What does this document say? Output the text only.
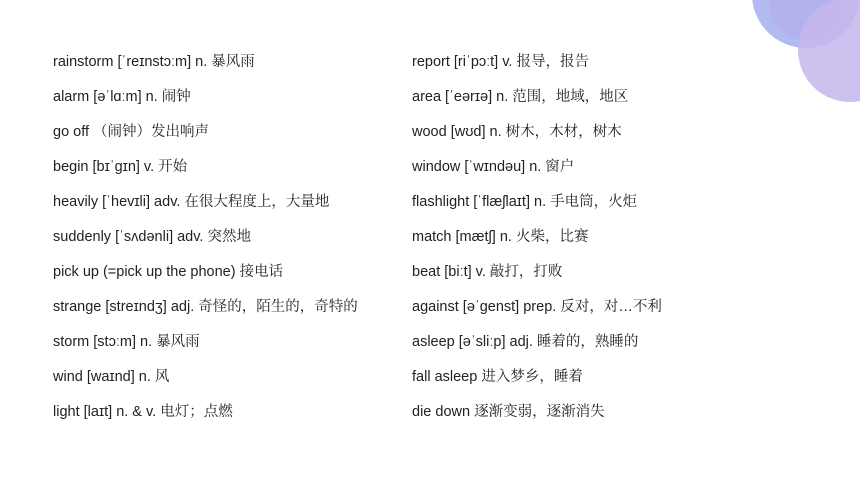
rainstorm [ˈreɪnstɔːm] n. 暴风雨
alarm [əˈlɑːm] n. 闹钟
go off （闹钟）发出响声
begin [bɪˈɡɪn] v. 开始
heavily [ˈhevɪli] adv. 在很大程度上，大量地
suddenly [ˈsʌdənli] adv. 突然地
pick up (=pick up the phone) 接电话
strange [streɪndʒ] adj. 奇怪的，陌生的，奇特的
storm [stɔːm] n. 暴风雨
wind [waɪnd] n. 风
light [laɪt] n. & v. 电灯；点燃
report [riˈpɔːt] v. 报导，报告
area [ˈeərɪə] n. 范围，地域，地区
wood [wʊd] n. 树木，木材，树木
window [ˈwɪndəu] n. 窗户
flashlight [ˈflæʃlaɪt] n. 手电筒，火炬
match [mætʃ] n. 火柴，比赛
beat [biːt] v. 敲打，打败
against [əˈɡenst] prep. 反对，对…不利
asleep [əˈsliːp] adj. 睡着的，熟睡的
fall asleep 进入梦乡，睡着
die down 逐渐变弱，逐渐消失
